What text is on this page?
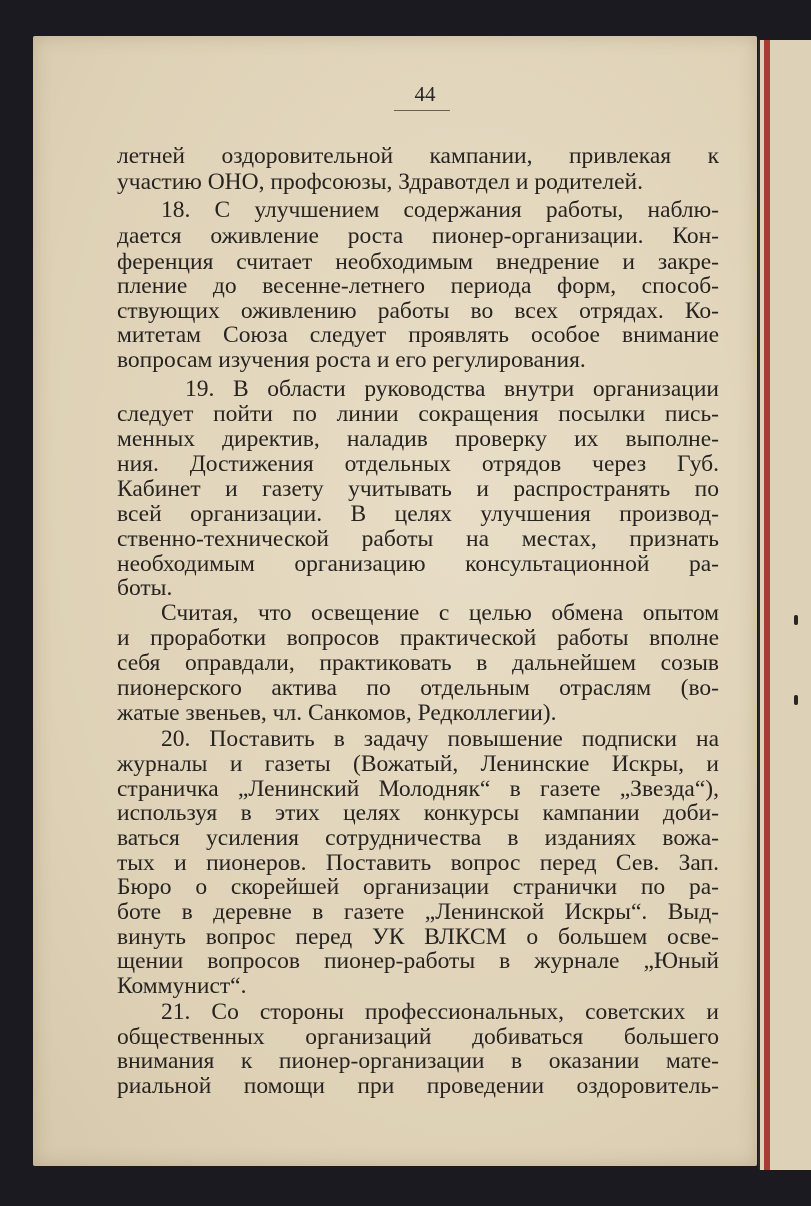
44
летней оздоровительной кампании, привлекая к
участию ОНО, профсоюзы, Здравотдел и родителей.
18. С улучшением содержания работы, наблю-
дается оживление роста пионер-организации. Кон-
ференция считает необходимым внедрение и закре-
пление до весенне-летнего периода форм, способ-
ствующих оживлению работы во всех отрядах. Ко-
митетам Союза следует проявлять особое внимание
вопросам изучения роста и его регулирования.
19. В области руководства внутри организации
следует пойти по линии сокращения посылки пись-
менных директив, наладив проверку их выполне-
ния. Достижения отдельных отрядов через Губ.
Кабинет и газету учитывать и распространять по
всей организации. В целях улучшения производ-
ственно-технической работы на местах, признать
необходимым организацию консультационной ра-
боты.
Считая, что освещение с целью обмена опытом
и проработки вопросов практической работы вполне
себя оправдали, практиковать в дальнейшем созыв
пионерского актива по отдельным отраслям (во-
жатые звеньев, чл. Санкомов, Редколлегии).
20. Поставить в задачу повышение подписки на
журналы и газеты (Вожатый, Ленинские Искры, и
страничка „Ленинский Молодняк“ в газете „Звезда“),
используя в этих целях конкурсы кампании доби-
ваться усиления сотрудничества в изданиях вожа-
тых и пионеров. Поставить вопрос перед Сев. Зап.
Бюро о скорейшей организации странички по ра-
боте в деревне в газете „Ленинской Искры“. Выд-
винуть вопрос перед УК ВЛКСМ о большем осве-
щении вопросов пионер-работы в журнале „Юный
Коммунист“.
21. Со стороны профессиональных, советских и
общественных организаций добиваться большего
внимания к пионер-организации в оказании мате-
риальной помощи при проведении оздоровитель-
